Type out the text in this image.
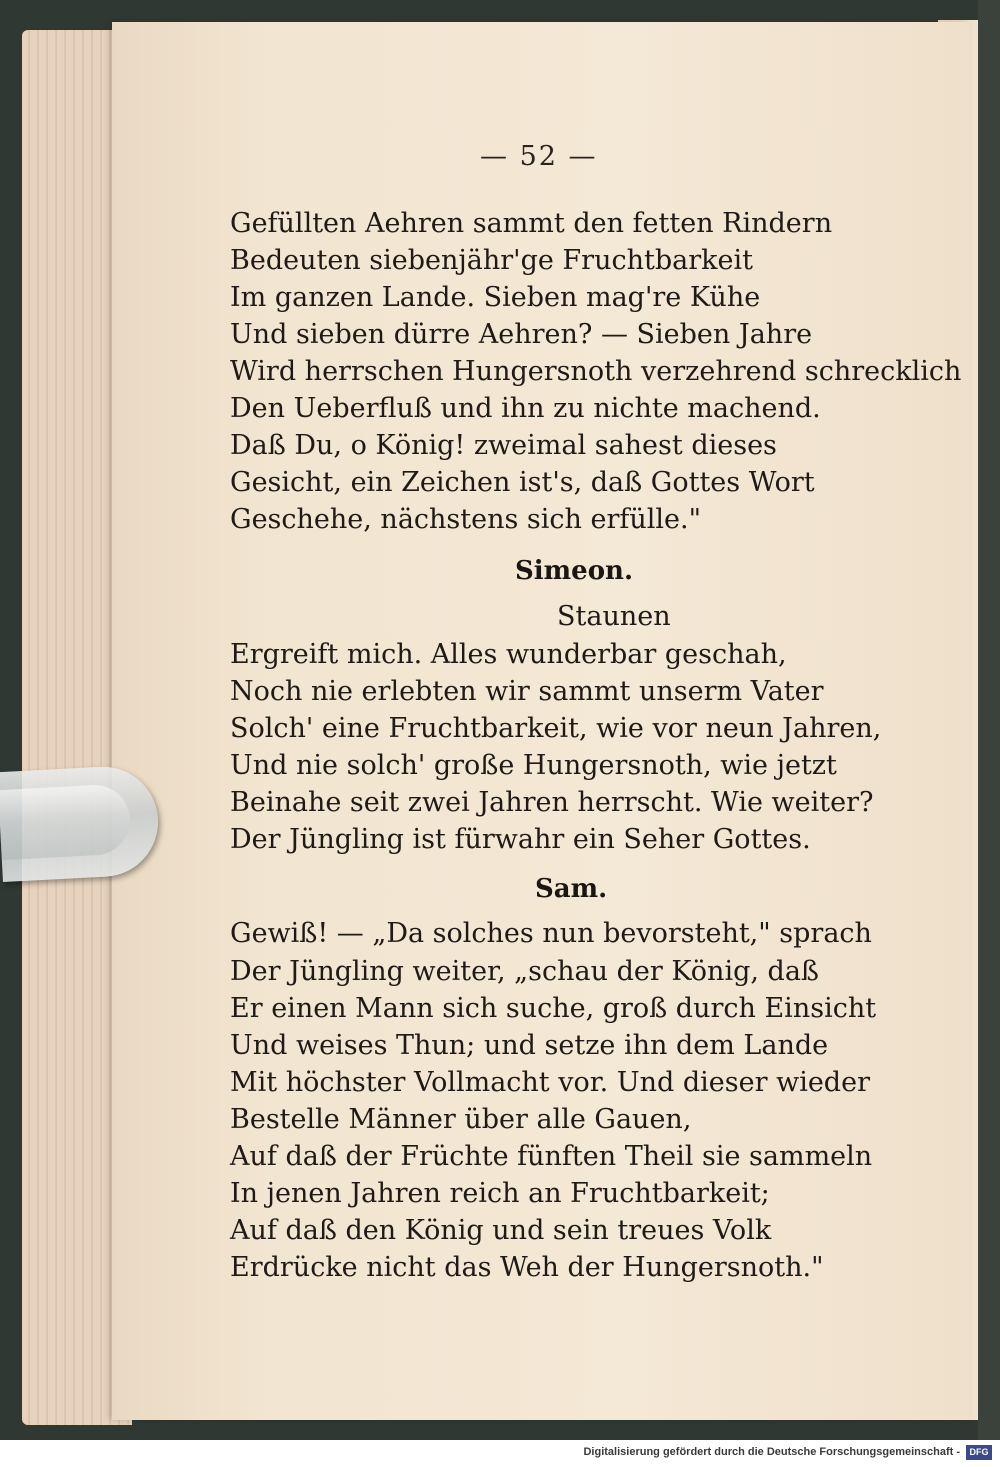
— 52 —
Gefüllten Aehren sammt den fetten Rindern
Bedeuten siebenjähr'ge Fruchtbarkeit
Im ganzen Lande. Sieben mag're Kühe
Und sieben dürre Aehren? — Sieben Jahre
Wird herrschen Hungersnoth verzehrend schrecklich
Den Ueberfluß und ihn zu nichte machend.
Daß Du, o König! zweimal sahest dieses
Gesicht, ein Zeichen ist's, daß Gottes Wort
Geschehe, nächstens sich erfülle."
Simeon.
Staunen
Ergreift mich. Alles wunderbar geschah,
Noch nie erlebten wir sammt unserm Vater
Solch' eine Fruchtbarkeit, wie vor neun Jahren,
Und nie solch' große Hungersnoth, wie jetzt
Beinahe seit zwei Jahren herrscht. Wie weiter?
Der Jüngling ist fürwahr ein Seher Gottes.
Sam.
Gewiß! — „Da solches nun bevorsteht," sprach
Der Jüngling weiter, „schau der König, daß
Er einen Mann sich suche, groß durch Einsicht
Und weises Thun; und setze ihn dem Lande
Mit höchster Vollmacht vor. Und dieser wieder
Bestelle Männer über alle Gauen,
Auf daß der Früchte fünften Theil sie sammeln
In jenen Jahren reich an Fruchtbarkeit;
Auf daß den König und sein treues Volk
Erdrücke nicht das Weh der Hungersnoth."
Digitalisierung gefördert durch die Deutsche Forschungsgemeinschaft -	DFG
